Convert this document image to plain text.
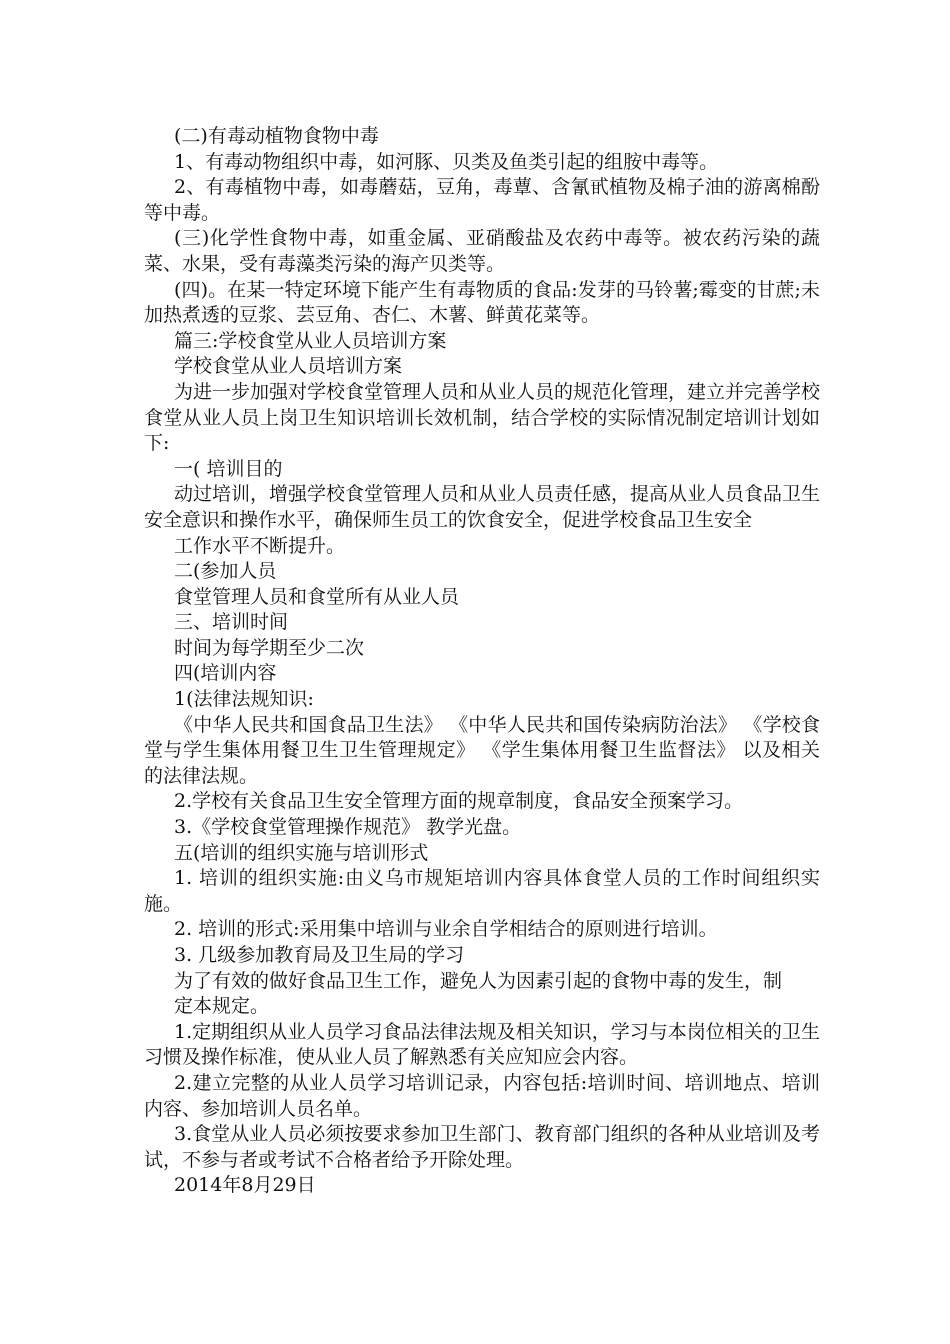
(二)有毒动植物食物中毒

1、有毒动物组织中毒，如河豚、贝类及鱼类引起的组胺中毒等。

2、有毒植物中毒，如毒蘑菇，豆角，毒蕈、含氰甙植物及棉子油的游离棉酚等中毒。

(三)化学性食物中毒，如重金属、亚硝酸盐及农药中毒等。被农药污染的蔬菜、水果，受有毒藻类污染的海产贝类等。

(四)。在某一特定环境下能产生有毒物质的食品:发芽的马铃薯;霉变的甘蔗;未加热煮透的豆浆、芸豆角、杏仁、木薯、鲜黄花菜等。

篇三:学校食堂从业人员培训方案

学校食堂从业人员培训方案

为进一步加强对学校食堂管理人员和从业人员的规范化管理，建立并完善学校食堂从业人员上岗卫生知识培训长效机制，结合学校的实际情况制定培训计划如下:

一( 培训目的

动过培训，增强学校食堂管理人员和从业人员责任感，提高从业人员食品卫生安全意识和操作水平，确保师生员工的饮食安全，促进学校食品卫生安全

工作水平不断提升。

二(参加人员

食堂管理人员和食堂所有从业人员

三、培训时间

时间为每学期至少二次

四(培训内容

1(法律法规知识:

《中华人民共和国食品卫生法》 《中华人民共和国传染病防治法》 《学校食堂与学生集体用餐卫生卫生管理规定》 《学生集体用餐卫生监督法》 以及相关的法律法规。

2.学校有关食品卫生安全管理方面的规章制度，食品安全预案学习。

3.《学校食堂管理操作规范》 教学光盘。

五(培训的组织实施与培训形式

1. 培训的组织实施:由义乌市规矩培训内容具体食堂人员的工作时间组织实施。

2. 培训的形式:采用集中培训与业余自学相结合的原则进行培训。

3. 几级参加教育局及卫生局的学习

为了有效的做好食品卫生工作，避免人为因素引起的食物中毒的发生，制

定本规定。

1.定期组织从业人员学习食品法律法规及相关知识，学习与本岗位相关的卫生习惯及操作标准，使从业人员了解熟悉有关应知应会内容。

2.建立完整的从业人员学习培训记录，内容包括:培训时间、培训地点、培训内容、参加培训人员名单。

3.食堂从业人员必须按要求参加卫生部门、教育部门组织的各种从业培训及考试，不参与者或考试不合格者给予开除处理。

2014年8月29日
